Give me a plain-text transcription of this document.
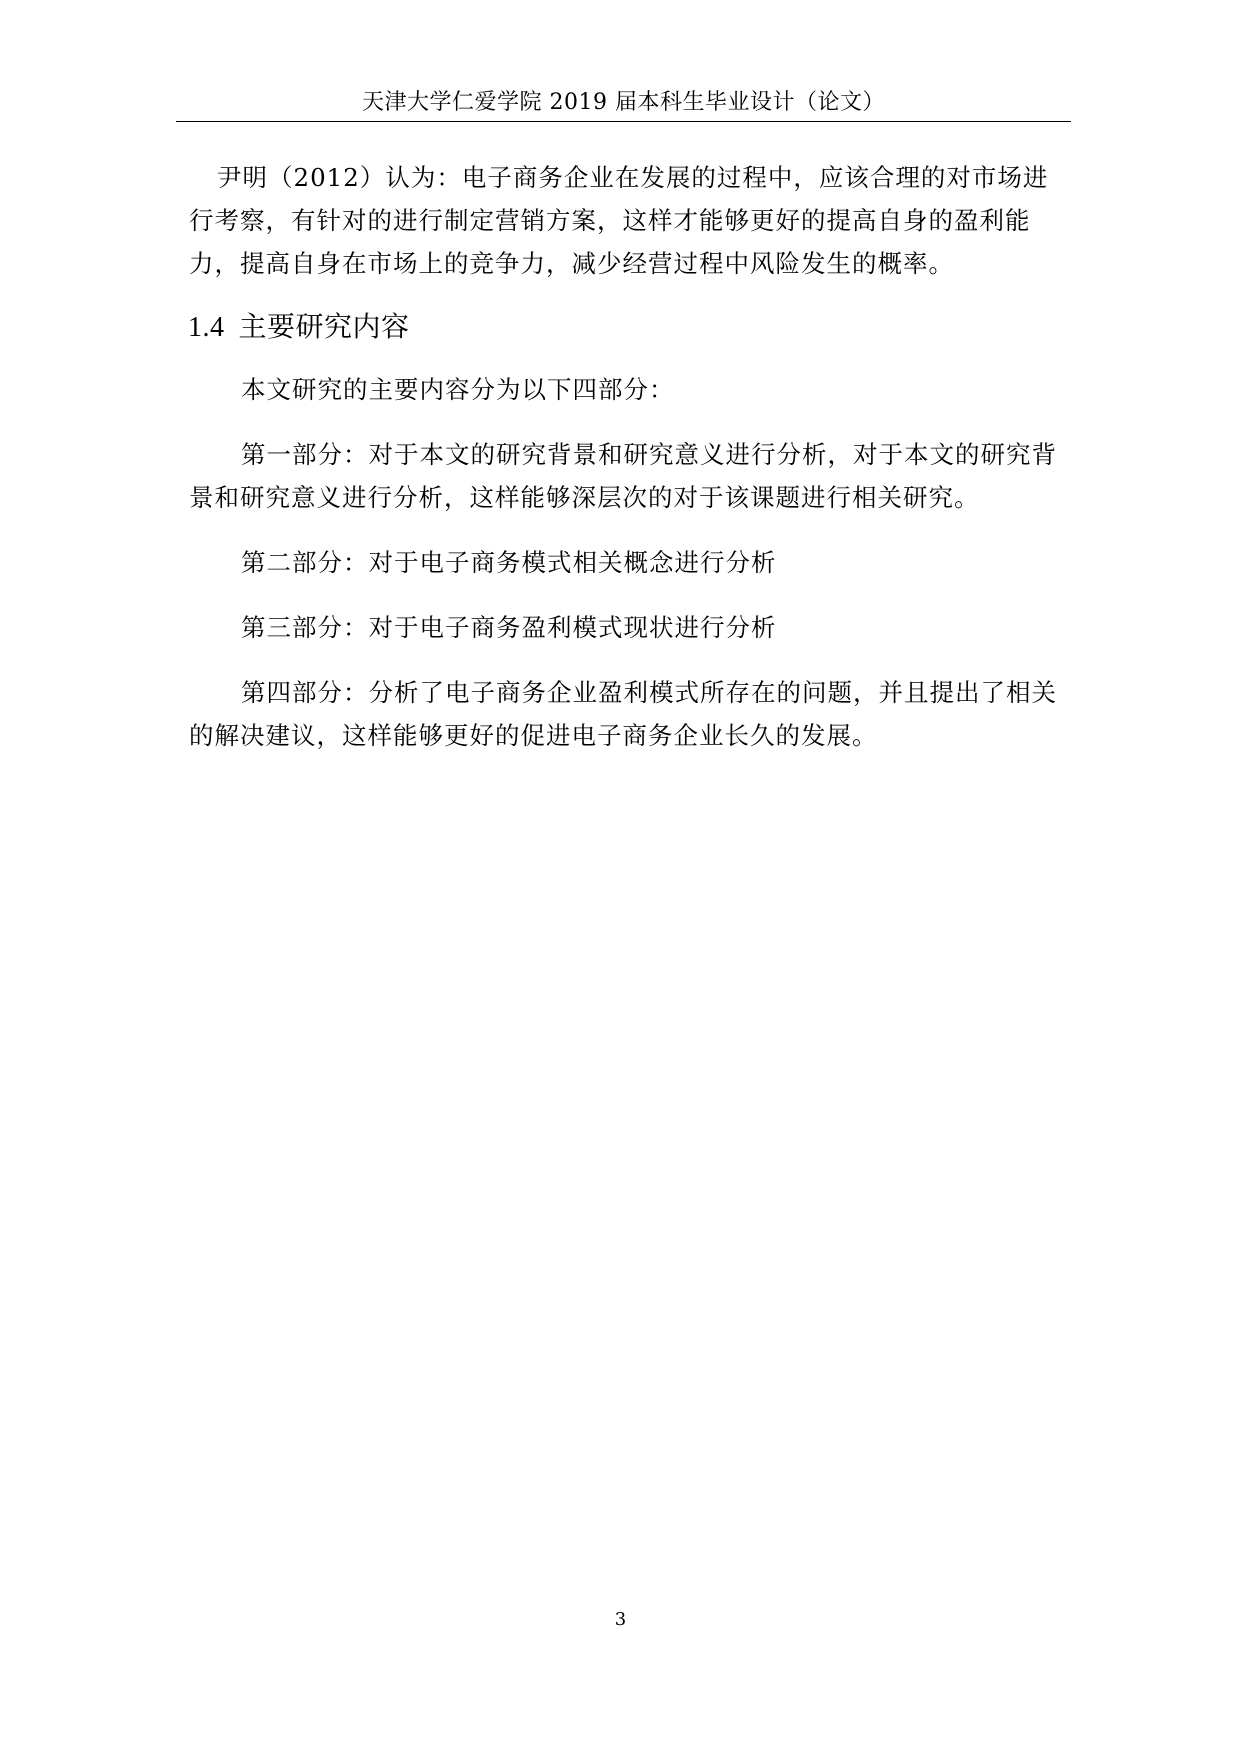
天津大学仁爱学院 2019 届本科生毕业设计（论文）

尹明（2012）认为：电子商务企业在发展的过程中，应该合理的对市场进行考察，有针对的进行制定营销方案，这样才能够更好的提高自身的盈利能力，提高自身在市场上的竞争力，减少经营过程中风险发生的概率。

1.4 主要研究内容

本文研究的主要内容分为以下四部分：

第一部分：对于本文的研究背景和研究意义进行分析，对于本文的研究背景和研究意义进行分析，这样能够深层次的对于该课题进行相关研究。

第二部分：对于电子商务模式相关概念进行分析

第三部分：对于电子商务盈利模式现状进行分析

第四部分：分析了电子商务企业盈利模式所存在的问题，并且提出了相关的解决建议，这样能够更好的促进电子商务企业长久的发展。

3
